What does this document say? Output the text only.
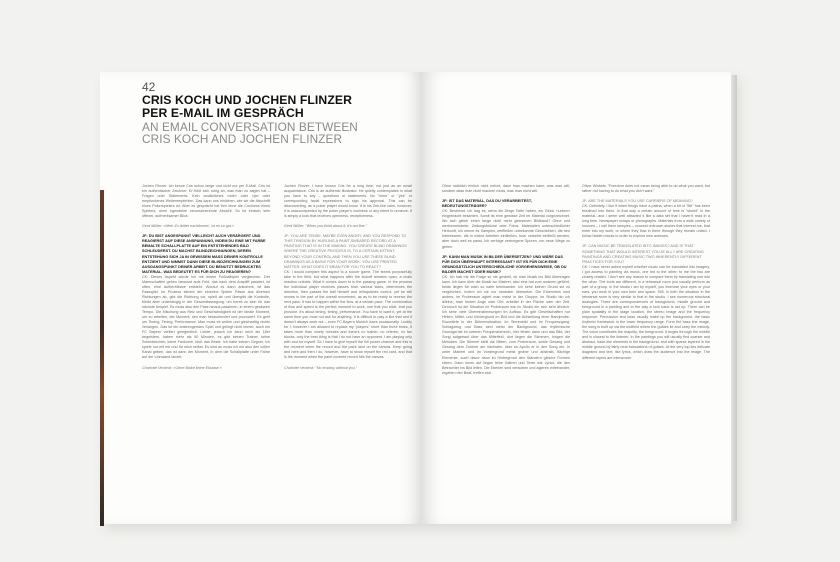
42
CRIS KOCH UND JOCHEN FLINZER
PER E-MAIL IM GESPRÄCH
AN EMAIL CONVERSATION BETWEEN
CRIS KOCH AND JOCHEN FLINZER

Jochen Flinzer: Ich kenne Cris schon lange und nicht nur per E-Mail. Cris ist ein authentischer Zeichner. Er fühlt sich ruhig an, was man zu sagen hat – Fragen oder Statements. Kein zusätzliches »wie« oder »ja« oder empfundenes Weiterempfehlen. Das kann uns einlichen, wie wir die Abschrift eines Pokerspielers ist. Aber es gesprächt bei ihm ohne die Coolness eines Spielers, ohne irgendeine verunsicherende Absicht. So ist einfach sein offener, aufmerksamer Blick.

Gerd Müller: »Mein Zu dritter nachtkmen!, ist es so gut.«

JF: DU BIST ANGESPANNT VIELLEICHT AUCH VERÄRGERT UND REAGIERST AUF DIESE ANSPANNUNG, INDEM DU EINE MIT FARBE BEMALTE SCHALLPLATTE AUF EIN ENTSTEHENDES BILD SCHLEUDERST. DU MACHST BLINDZEICHNUNGEN, DEREN ENTSTEHUNG SICH JA IN GEWISSEM MASS DEINER KONTROLLE ENTZIEHT UND NIMMST DANN DIESE BLINDZEICHNUNGEN ZUM AUSGANGSPUNKT DEINER ARBEIT. DU BENUTZT BEDRUCKTES MATERIAL. WAS BEDEUTET ES FÜR DICH ZU REAGIEREN?

CK: Dieses Aspekt würde ich mit einem Fußballspiel vergleichen. Der Mannschaften gehen bewusst aufs Feld, das nach dem Auspfiff passiert, ist offen, eine Aufbereitbare entsteht. Worauf es dann ankommt, ist das Passspiel. Im Prozess stimmt der einzelne Spieler Pässe aus diversen Richtungen ab, gibt die Richtung vor, spielt ab und übergibt die Kontrolle, bleibt aber unabhängig in der Gesamtbewegung, um bereit zu sein für das nächste Anspiel. Es muss also den Pass hinaus passieren, in einem gewissen Tempo. Die Mischung aus Reiz und Geschwindigkeit ist der ideale Moment, um zu arbeiten, der Moment, den man herausfordert und provoziert. Es geht um Timing, Timing, Performance. Man muss es wollen und gleichzeitig nichts verlangen. Das ist ein anstrengendes Spiel und gelingt nicht immer, auch ein FC Bayern verliert gelegentlich. Leider, jedoch ich kann mich als 18er begeistern, haben mehr als 90 Minuten, es gibt keinen Trainer, keine Schiedsrichter, keine Fankurve, bloß das Beste. Ich habe keinen Gegner, ich spiele nur mit mir und für mich selbst. Es sind an muss ich mir also den vollen Kanal geben, das ist dann der Moment, in dem die Schallplatte unter Farbe auf der Leinwand landet.

Charlotte Verbeck: »Ohne Blake keine Ekstase.«

Jochen Flinzer: I have known Cris for a long time, not just as an email acquaintance. Cris is an authentic illustrator. He quietly contemplates in what you have to say – questions or statements. No "hmm" or "yes" or corresponding facial expressions to sign his approval. This can be disconcerting, as a poker player would know. It is his Zen-like calm, however, it is unaccompanied by the poker player's coolness or any intent to unnerve. It is simply a look that receives openness, receptiveness.

Gerd Müller: "When you think about it, it's not fine."

JF: YOU ARE TENSE, MAYBE EVEN ANGRY, AND YOU RESPOND TO THIS TENSION BY HURLING A PAINT-SMEARED RECORD AT A PAINTING THAT IS IN THE MAKING. YOU CREATE BLIND DRAWINGS WHERE THE CREATIVE PROCESS IS, TO A CERTAIN EXTENT, BEYOND YOUR CONTROL AND THEN YOU USE THESE BLIND DRAWINGS AS A BASIS FOR YOUR WORK. YOU USE PRINTED MATTER. WHAT DOES IT MEAN FOR YOU TO REACT?

CK: I would compare this aspect to a soccer game. The teams purposefully take to the field, but what happens after the kickoff remains open, a chain reaction unfolds. What it comes down to is the passing game. In the process the individual player receives passes from various sides, determines the direction, then passes the ball himself and relinquishes control, yet he still moves in the part of the overall movement, as as to be ready to receive the next pass. It has to happen within the flow, at a certain pace. The combination of flow and speed is the perfect moment to work, one that you elicit, that you provoke. It's about timing, timing, performance. You have to want it, yet at the same time you must not ask for anything. It is difficult to play a like that and it doesn't always work out – even FC Bayern Munich loses occasionally. Luckily for I, however I am allowed to replace my "players" more than three times, it takes more than ninety minutes and there's no trainer, no referee, no fan blocks, only the best thing is that I do not have an opponent. I am playing only with and for myself. So I have to give myself the full power channel and this is the moment when the record and the paint land on the canvas. Keep going and here and then I do, however, have to show myself the red card, and that is the moment when the paint covered record hits the canvas.

Charlotte Verbeck: "No ecstasy without you."

Ohne natürlich ehrlich nicht nehmt, dann man machen kann, was man will, sondern dass man nicht machen muss, was man nicht will.

JF: IST DAS MATERIAL, DAS DU VERARBEITEST, BEDEUTUNGSTRÄGER?

CK: Bestimmt. Ich trag es, wenn die Dinge Teilte haben, ein Glück »Leben« eingebracht bekamen. Somit ist eine gewisse Zeit im Material vorgezeichnet. Wo sich gleich einen lange nicht mehr gelesenen Bildband? Ohne und wertverminderte, Zeitungsbrücke oder Fotos. Materialien unterschiedlicher Herkunft, ich nenne es Samples, zerfließen unbekannte Geschichten, die neu Interesseen, die in meine Arbeiten einfließen, bzw. verkehrt einfließt werden, aber doch weil es passt. Ich verfolge verborgene Spuren, um neue Wege zu gehen.

JF: KANN MAN MUSIK IN BILDER ÜBERSETZEN? UND WÄRE DAS FÜR DICH ÜBERHAUPT INTERESSANT? IST ES FÜR DICH EINE GRUNDSÄTZLICH UNTERSCHIEDLICHE VORGEHENSWEISE, OB DU BILDER MACHST ODER MUSIK?

CK: Ich hab mir die Frage so nie gestellt, ob man Musik ins Bild übertragen kann. Ich kann über die Musik zur Malerei, also eine hat zum anderen geführt, beide liegen für mich so nahe beieinander. Ich sehe keinen Grund sie zu vergleichen. Indem ich sie nur neutraler übersetze. Die Erkenntnis sind anders, im Proberaum agiert man meist in der Gruppe, im Studio bin ich alleine, man fordert Auge oder Ohr, arbeitet in der Fläche oder der Zeit. Dennoch ist die Situation im Proberaum wie im Studio ein sich sehr ähnlich. Ich sehe viele Übereinstimmungen im Aufbau. Es gibt Gesellschaften nur Hinten, Mittel- und Vordergrund im Bild und die Aufstellung einer Bandprobe. Raumtiefe in der Bühnensituation, im Stereobild und im Frequenzgang. Schlagzeug und Bass sind meist der Background, das rhythmische Grundgerüst im unteren Frequenzbereich, hier fehlen dann und das Bild, der Song aufgebaut über das Mittelfeld, dort liegen die Stimmen, hingen die Melodien. Die Stimme stellt die Mitten, zum Proberaum, sowie Gesang und Gesang dem Zuhörer am nächsten, über es Apollo er in den Song ein. In unter Malerei und im Vordergrund meist grober und abstrakt, flächige Elemente, auch davor dann im Hintergrund den Ständern gleiche Formen sitzen. Dann einen auf liegen feine Satiren und Texte wie Lyrics, die den Betrachter ins Bild leiten. Die Ebenen sind verwoben und agieren miteinander, ergeben den Beat, treffen sich

Oliver Wiskels: "Freedom does not mean being able to do what you want, but rather not having to do what you don't want."

JF: ARE THE MATERIALS YOU USE CARRIERS OF MEANING?

CK: Definitely. I like it when things have a patina, when a bit of "life" has been breathed into them. In that way a certain amount of time is "stored" in the material...and I seem well attracted it like a data set that I haven't read in a long time. Newspaper scraps or photographs. Materials from a wide variety of sources – I call them samples – conceal unknown stories that interest me, that enter into my work, or where they flow in there through they remain united. I follow hidden tracks in order to explore new avenues.

JF: CAN MUSIC BE TRANSLATED INTO IMAGES? AND IS THAT SOMETHING THAT WOULD INTEREST YOU AT ALL? ARE CREATING PAINTINGS AND CREATING MUSIC TWO INHERENTLY DIFFERENT PRACTICES FOR YOU?

CK: I have never asked myself whether music can be translated into imagery. I got access to painting via music, one led to the other; to me the two are closely related. I don't see any reason to compare them by translating one into the other. The tools are different, in a rehearsal room you usually perform as part of a group, in the studio I am by myself, you exercise your eyes or your ears, you work in your own time and space. Still, in both the situation in the rehearsal room is very similar to that in the studio. I see numerous structural analogies. There are correspondences of background, middle ground and foreground in a painting and to the way a rock band is set up. There can be plain spatiality in the stage location, the stereo image and the frequency response. Percussion and bass usually make up the background, the basic rhythmic framework in the lower frequency range. Form the bass line image, the song is built up via the midfield where the guitars lie and carry the melody. The voice constitutes the majority, the foreground. It forges through the middle and is closest to the listener. In the paintings you will usually find coarser and abstract, base-like elements in the background, and with sparse layered in the middle ground by fairly neat translations of guitars. At the very top lies delicate diagrams and text, like lyrics, which draw the audience into the image. The different layers are interwoven
